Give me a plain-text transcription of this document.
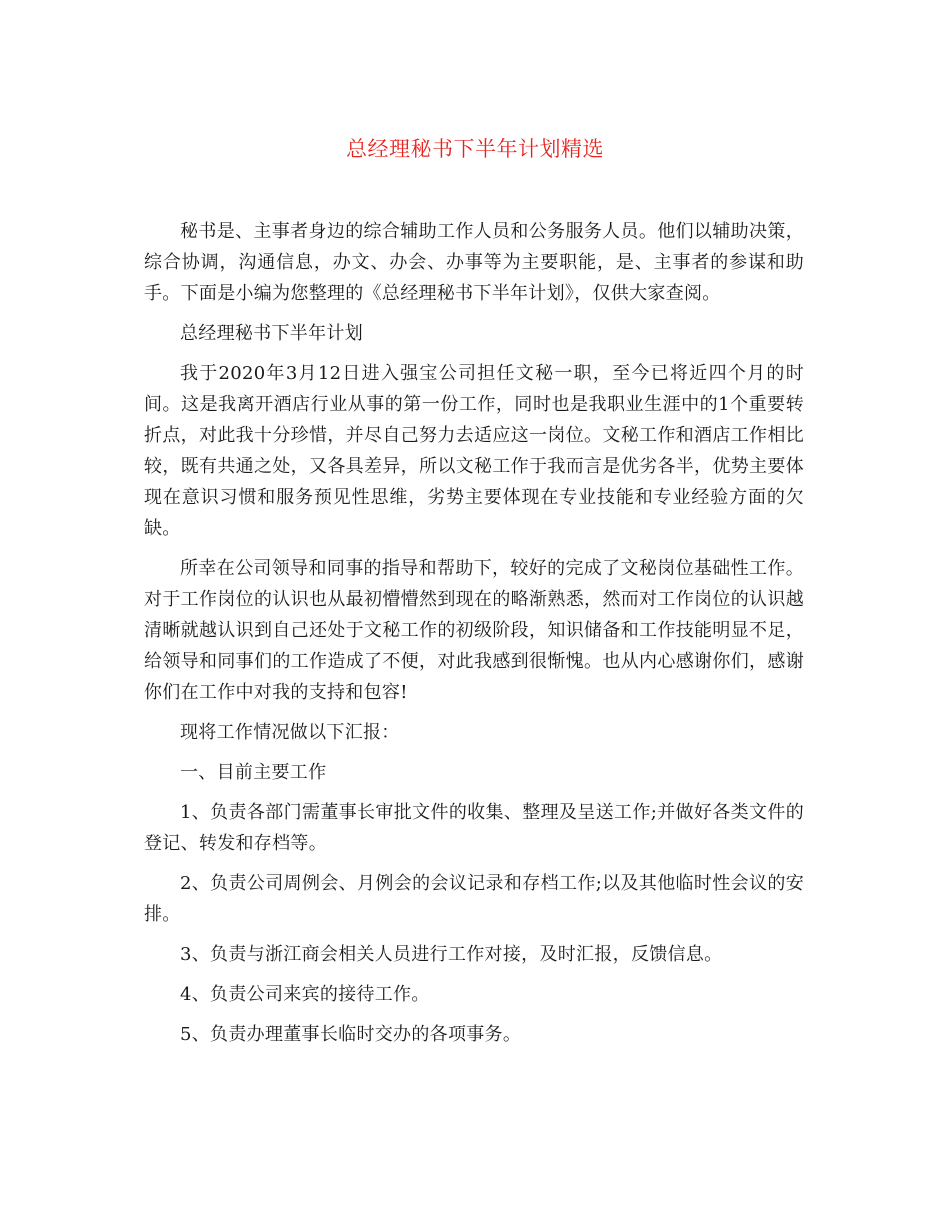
总经理秘书下半年计划精选

秘书是、主事者身边的综合辅助工作人员和公务服务人员。他们以辅助决策，综合协调，沟通信息，办文、办会、办事等为主要职能，是、主事者的参谋和助手。下面是小编为您整理的《总经理秘书下半年计划》，仅供大家查阅。

总经理秘书下半年计划

我于2020年3月12日进入强宝公司担任文秘一职，至今已将近四个月的时间。这是我离开酒店行业从事的第一份工作，同时也是我职业生涯中的1个重要转折点，对此我十分珍惜，并尽自己努力去适应这一岗位。文秘工作和酒店工作相比较，既有共通之处，又各具差异，所以文秘工作于我而言是优劣各半，优势主要体现在意识习惯和服务预见性思维，劣势主要体现在专业技能和专业经验方面的欠缺。

所幸在公司领导和同事的指导和帮助下，较好的完成了文秘岗位基础性工作。对于工作岗位的认识也从最初懵懵然到现在的略渐熟悉，然而对工作岗位的认识越清晰就越认识到自己还处于文秘工作的初级阶段，知识储备和工作技能明显不足，给领导和同事们的工作造成了不便，对此我感到很惭愧。也从内心感谢你们，感谢你们在工作中对我的支持和包容!

现将工作情况做以下汇报：

一、目前主要工作

1、负责各部门需董事长审批文件的收集、整理及呈送工作;并做好各类文件的登记、转发和存档等。

2、负责公司周例会、月例会的会议记录和存档工作;以及其他临时性会议的安排。

3、负责与浙江商会相关人员进行工作对接，及时汇报，反馈信息。

4、负责公司来宾的接待工作。

5、负责办理董事长临时交办的各项事务。
